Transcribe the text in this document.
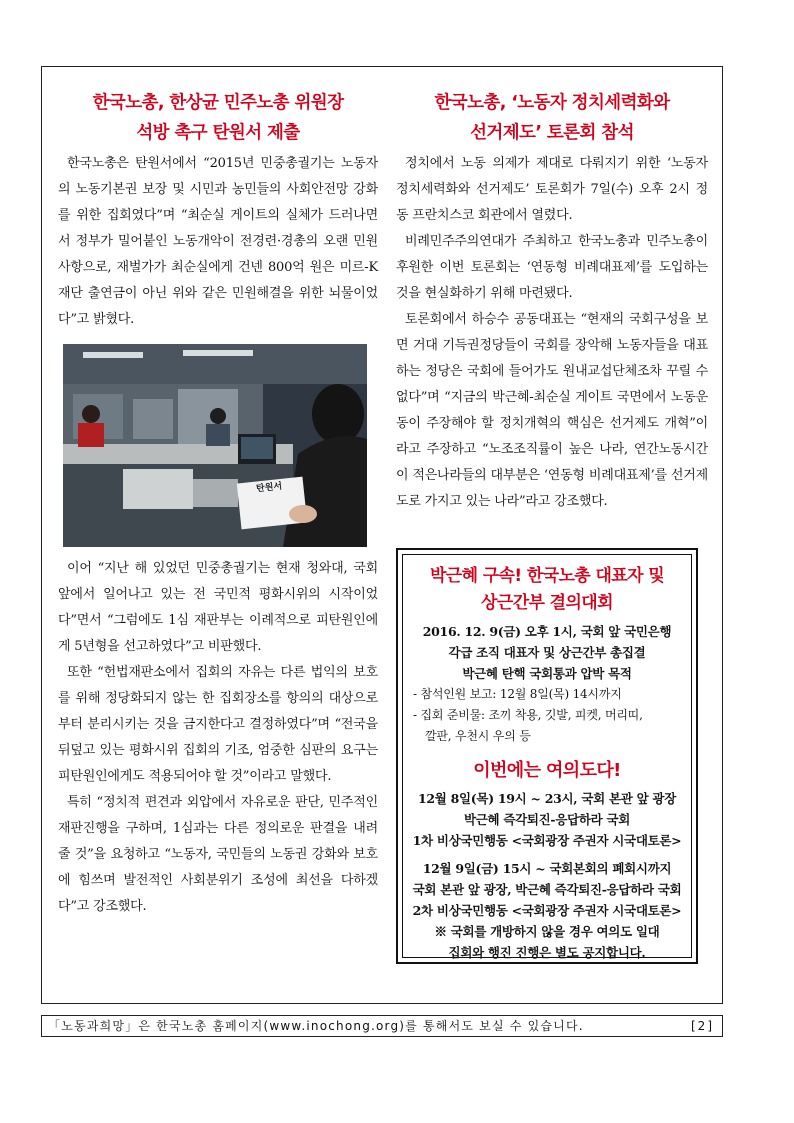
한국노총, 한상균 민주노총 위원장
석방 촉구 탄원서 제출

한국노총은 탄원서에서 “2015년 민중총궐기는 노동자의 노동기본권 보장 및 시민과 농민들의 사회안전망 강화를 위한 집회였다”며 “최순실 게이트의 실체가 드러나면서 정부가 밀어붙인 노동개악이 전경련·경총의 오랜 민원사항으로, 재벌가가 최순실에게 건넨 800억 원은 미르-K재단 출연금이 아닌 위와 같은 민원해결을 위한 뇌물이었다”고 밝혔다.

탄원서

이어 “지난 해 있었던 민중총궐기는 현재 청와대, 국회 앞에서 일어나고 있는 전 국민적 평화시위의 시작이었다”면서 “그럼에도 1심 재판부는 이례적으로 피탄원인에게 5년형을 선고하였다”고 비판했다.

또한 “헌법재판소에서 집회의 자유는 다른 법익의 보호를 위해 정당화되지 않는 한 집회장소를 항의의 대상으로부터 분리시키는 것을 금지한다고 결정하였다”며 “전국을 뒤덮고 있는 평화시위 집회의 기조, 엄중한 심판의 요구는 피탄원인에게도 적용되어야 할 것”이라고 말했다.

특히 “정치적 편견과 외압에서 자유로운 판단, 민주적인 재판진행을 구하며, 1심과는 다른 정의로운 판결을 내려 줄 것”을 요청하고 “노동자, 국민들의 노동권 강화와 보호에 힘쓰며 발전적인 사회분위기 조성에 최선을 다하겠다”고 강조했다.

한국노총, ‘노동자 정치세력화와
선거제도’ 토론회 참석

정치에서 노동 의제가 제대로 다뤄지기 위한 ‘노동자 정치세력화와 선거제도’ 토론회가 7일(수) 오후 2시 정동 프란치스코 회관에서 열렸다.

비례민주주의연대가 주최하고 한국노총과 민주노총이 후원한 이번 토론회는 ‘연동형 비례대표제’를 도입하는 것을 현실화하기 위해 마련됐다.

토론회에서 하승수 공동대표는 “현재의 국회구성을 보면 거대 기득권정당들이 국회를 장악해 노동자들을 대표하는 정당은 국회에 들어가도 원내교섭단체조차 꾸릴 수 없다”며 “지금의 박근혜-최순실 게이트 국면에서 노동운동이 주장해야 할 정치개혁의 핵심은 선거제도 개혁”이라고 주장하고 “노조조직률이 높은 나라, 연간노동시간이 적은나라들의 대부분은 ‘연동형 비례대표제’를 선거제도로 가지고 있는 나라”라고 강조했다.

박근혜 구속! 한국노총 대표자 및
상근간부 결의대회

2016. 12. 9(금) 오후 1시, 국회 앞 국민은행

각급 조직 대표자 및 상근간부 총집결

박근혜 탄핵 국회통과 압박 목적

- 참석인원 보고: 12월 8일(목) 14시까지

- 집회 준비물: 조끼 착용, 깃발, 피켓, 머리띠,

깔판, 우천시 우의 등

이번에는 여의도다!

12월 8일(목) 19시 ~ 23시, 국회 본관 앞 광장

박근혜 즉각퇴진-응답하라 국회

1차 비상국민행동 <국회광장 주권자 시국대토론>

12월 9일(금) 15시 ~ 국회본회의 폐회시까지

국회 본관 앞 광장, 박근혜 즉각퇴진-응답하라 국회

2차 비상국민행동 <국회광장 주권자 시국대토론>

※ 국회를 개방하지 않을 경우 여의도 일대

집회와 행진 진행은 별도 공지합니다.

「노동과희망」은 한국노총 홈페이지(www.inochong.org)를 통해서도 보실 수 있습니다.	[2]
